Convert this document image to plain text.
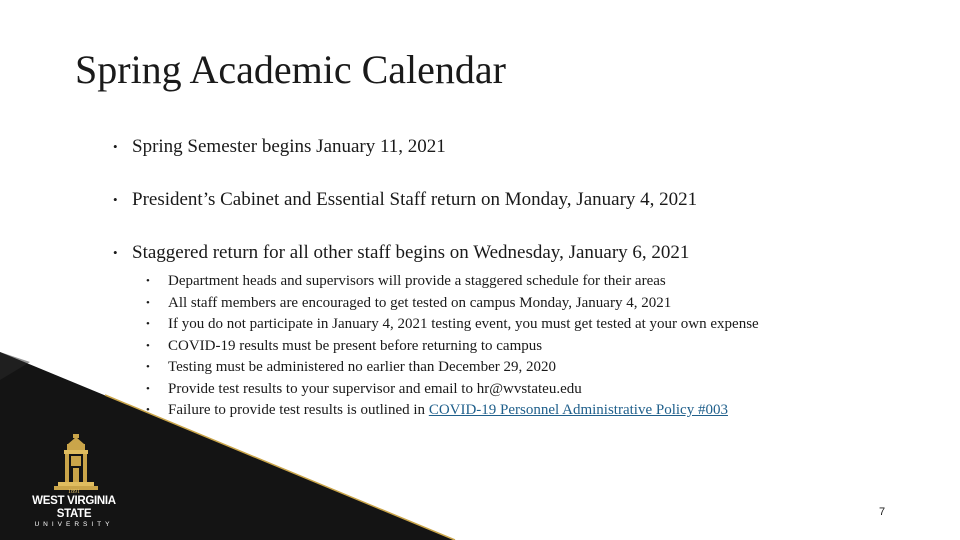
Spring Academic Calendar
• Spring Semester begins January 11, 2021
• President’s Cabinet and Essential Staff return on Monday, January 4, 2021
• Staggered return for all other staff begins on Wednesday, January 6, 2021
• Department heads and supervisors will provide a staggered schedule for their areas
• All staff members are encouraged to get tested on campus Monday, January 4, 2021
• If you do not participate in January 4, 2021 testing event, you must get tested at your own expense
• COVID-19 results must be present before returning to campus
• Testing must be administered no earlier than December 29, 2020
• Provide test results to your supervisor and email to hr@wvstateu.edu
• Failure to provide test results is outlined in COVID-19 Personnel Administrative Policy #003
1891
WEST VIRGINIA
STATE
UNIVERSITY
7
